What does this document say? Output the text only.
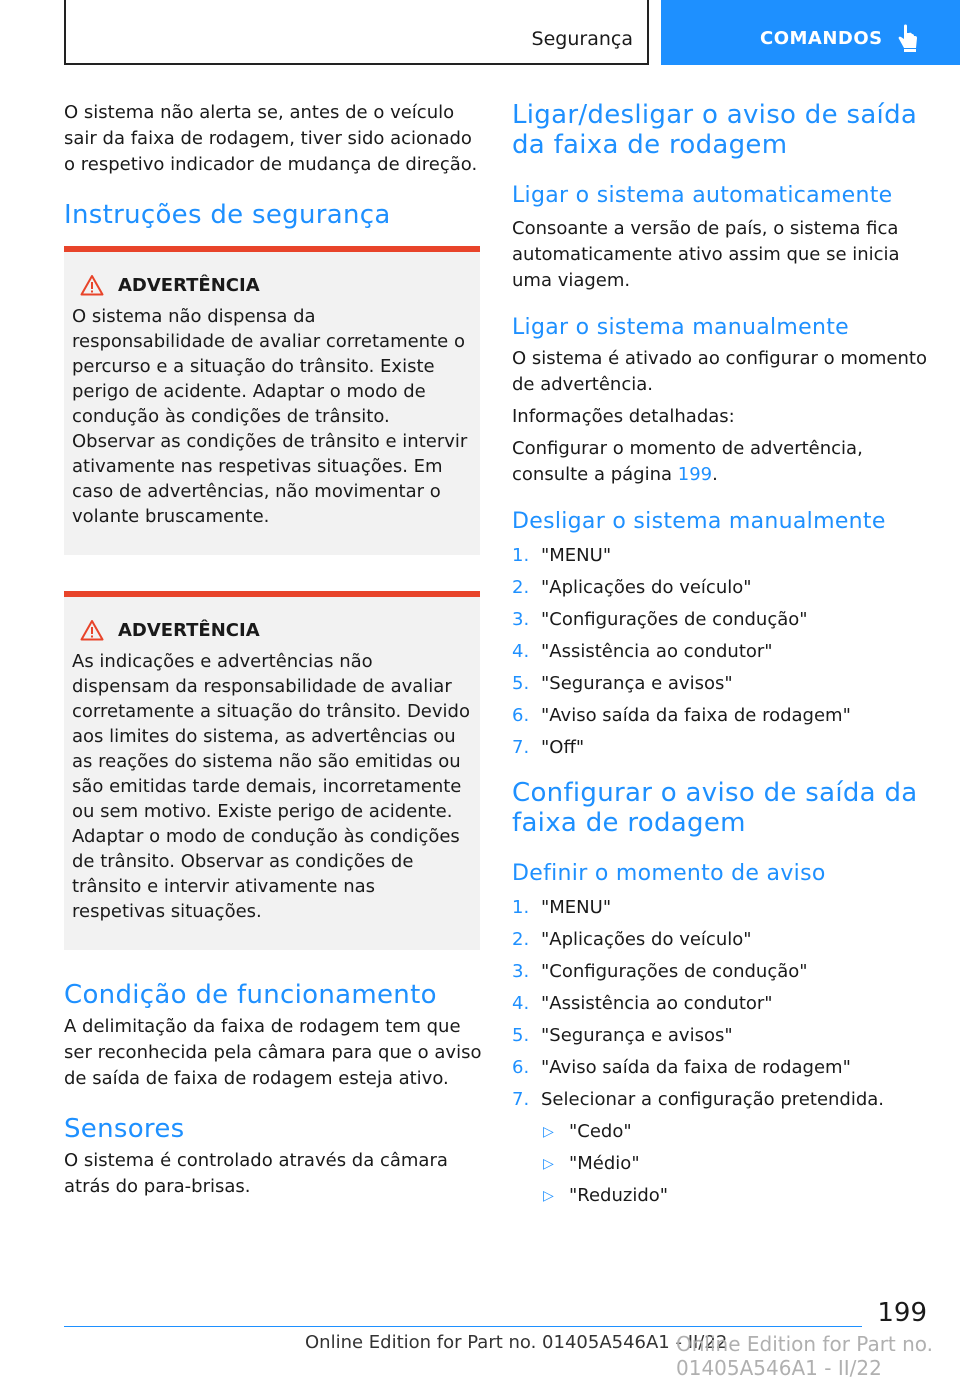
Segurança	COMANDOS

O sistema não alerta se, antes de o veículo sair da faixa de rodagem, tiver sido acionado o respetivo indicador de mudança de direção.

Instruções de segurança
ADVERTÊNCIA

O sistema não dispensa da responsabilidade de avaliar corretamente o percurso e a situação do trânsito. Existe perigo de acidente. Adaptar o modo de condução às condições de trânsito. Observar as condições de trânsito e intervir ativamente nas respetivas situações. Em caso de advertências, não movimentar o volante bruscamente.

ADVERTÊNCIA

As indicações e advertências não dispensam da responsabilidade de avaliar corretamente a situação do trânsito. Devido aos limites do sistema, as advertências ou as reações do sistema não são emitidas ou são emitidas tarde demais, incorretamente ou sem motivo. Existe perigo de acidente. Adaptar o modo de condução às condições de trânsito. Observar as condições de trânsito e intervir ativamente nas respetivas situações.

Condição de funcionamento

A delimitação da faixa de rodagem tem que ser reconhecida pela câmara para que o aviso de saída de faixa de rodagem esteja ativo.

Sensores

O sistema é controlado através da câmara atrás do para-brisas.

Ligar/desligar o aviso de saída da faixa de rodagem
Ligar o sistema automaticamente

Consoante a versão de país, o sistema fica automaticamente ativo assim que se inicia uma viagem.

Ligar o sistema manualmente

O sistema é ativado ao configurar o momento de advertência.

Informações detalhadas:

Configurar o momento de advertência, consulte a página 199.

Desligar o sistema manualmente
1. "MENU"
2. "Aplicações do veículo"
3. "Configurações de condução"
4. "Assistência ao condutor"
5. "Segurança e avisos"
6. "Aviso saída da faixa de rodagem"
7. "Off"
Configurar o aviso de saída da faixa de rodagem
Definir o momento de aviso
1. "MENU"
2. "Aplicações do veículo"
3. "Configurações de condução"
4. "Assistência ao condutor"
5. "Segurança e avisos"
6. "Aviso saída da faixa de rodagem"
7. Selecionar a configuração pretendida.
▷ "Cedo"
▷ "Médio"
▷ "Reduzido"
199
Online Edition for Part no. 01405A546A1 - II/22
Online Edition for Part no. 01405A546A1 - II/22
